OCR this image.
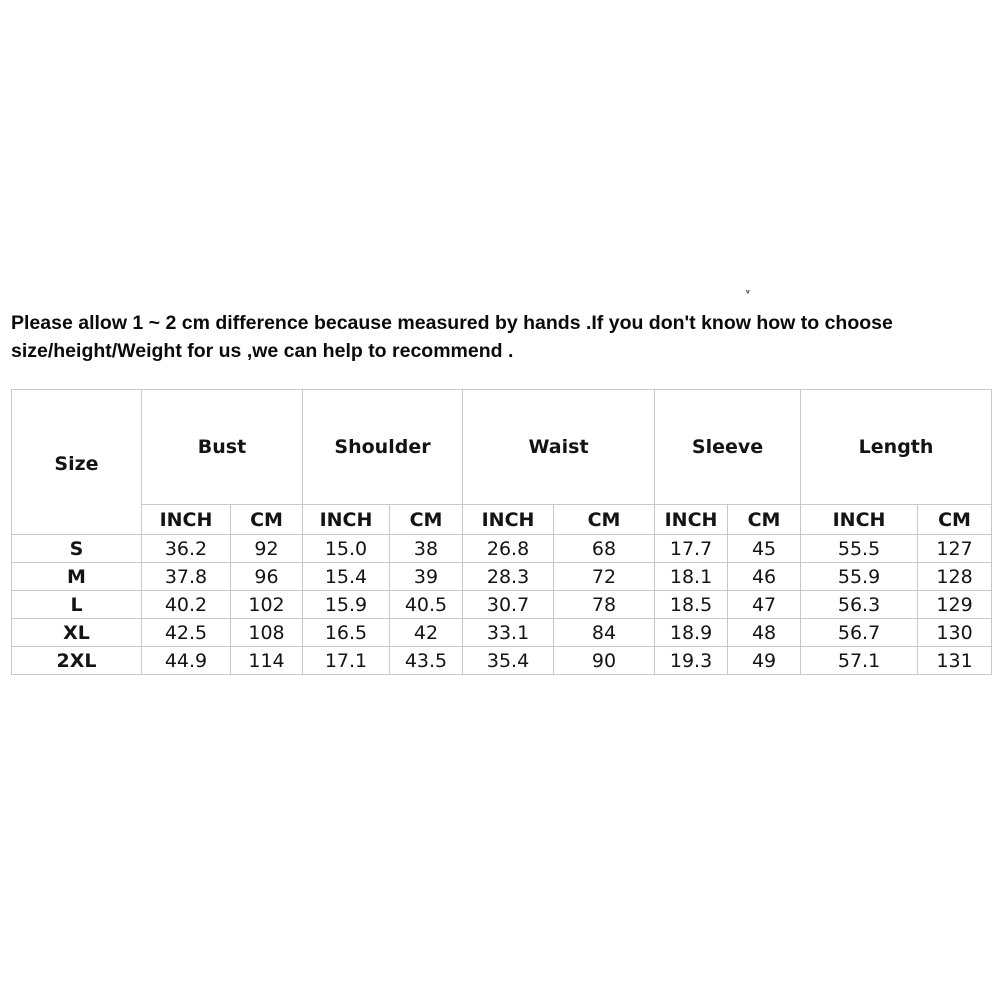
ᵥ
Please allow 1 ~ 2 cm difference because measured by hands .If you don't know how to choose
size/height/Weight for us ,we can help to recommend .
Size	Bust		Shoulder		Waist		Sleeve		Length	
	INCH	CM	INCH	CM	INCH	CM	INCH	CM	INCH	CM
S	36.2	92	15.0	38	26.8	68	17.7	45	55.5	127
M	37.8	96	15.4	39	28.3	72	18.1	46	55.9	128
L	40.2	102	15.9	40.5	30.7	78	18.5	47	56.3	129
XL	42.5	108	16.5	42	33.1	84	18.9	48	56.7	130
2XL	44.9	114	17.1	43.5	35.4	90	19.3	49	57.1	131
